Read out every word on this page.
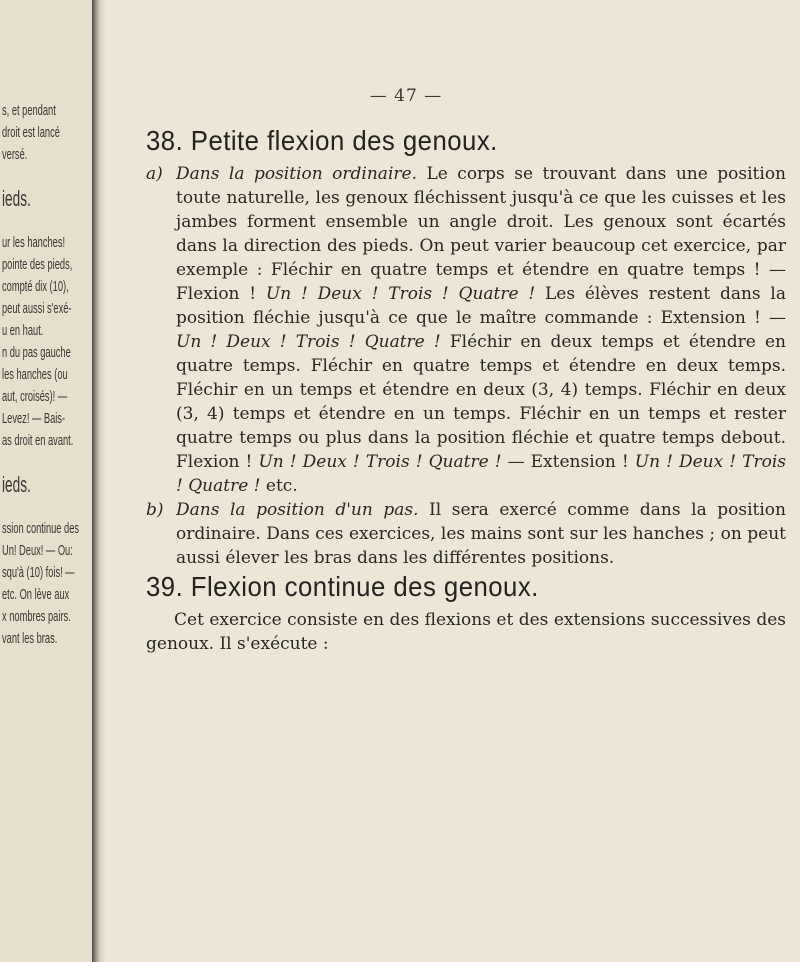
s, et pendant
droit est lancé
versé.
ieds.
ur les hanches!
pointe des pieds,
compté dix (10),
peut aussi s'exé-
u en haut.
n du pas gauche
les hanches (ou
aut, croisés)! —
Levez! — Bais-
as droit en avant.
ieds.
ssion continue des
Un! Deux! — Ou:
squ'à (10) fois! —
etc. On lève aux
x nombres pairs.
vant les bras.
— 47 —
38. Petite flexion des genoux.

a) Dans la position ordinaire. Le corps se trouvant dans une position toute naturelle, les genoux fléchissent jusqu'à ce que les cuisses et les jambes forment ensemble un angle droit. Les genoux sont écartés dans la direction des pieds. On peut varier beaucoup cet exercice, par exemple : Fléchir en quatre temps et étendre en quatre temps ! — Flexion ! Un ! Deux ! Trois ! Quatre ! Les élèves restent dans la position fléchie jusqu'à ce que le maître commande : Extension ! — Un ! Deux ! Trois ! Quatre ! Fléchir en deux temps et étendre en quatre temps. Fléchir en quatre temps et étendre en deux temps. Fléchir en un temps et étendre en deux (3, 4) temps. Fléchir en deux (3, 4) temps et étendre en un temps. Fléchir en un temps et rester quatre temps ou plus dans la position fléchie et quatre temps debout. Flexion ! Un ! Deux ! Trois ! Quatre ! — Extension ! Un ! Deux ! Trois ! Quatre ! etc.

b) Dans la position d'un pas. Il sera exercé comme dans la position ordinaire. Dans ces exercices, les mains sont sur les hanches ; on peut aussi élever les bras dans les différentes positions.

39. Flexion continue des genoux.

Cet exercice consiste en des flexions et des extensions successives des genoux. Il s'exécute :
